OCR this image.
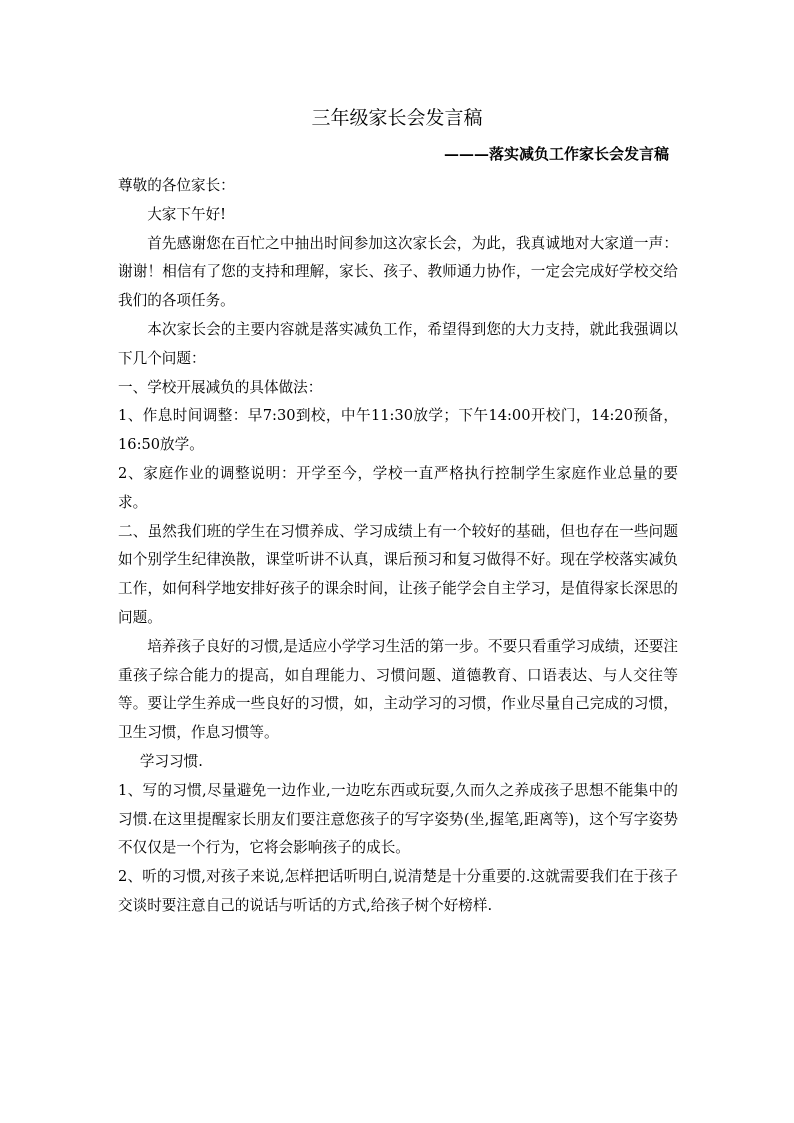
三年级家长会发言稿
———落实减负工作家长会发言稿

尊敬的各位家长：

大家下午好!

首先感谢您在百忙之中抽出时间参加这次家长会，为此，我真诚地对大家道一声：谢谢！相信有了您的支持和理解，家长、孩子、教师通力协作，一定会完成好学校交给我们的各项任务。

本次家长会的主要内容就是落实减负工作，希望得到您的大力支持，就此我强调以下几个问题：

一、学校开展减负的具体做法：

1、作息时间调整：早7:30到校，中午11:30放学；下午14:00开校门，14:20预备，16:50放学。

2、家庭作业的调整说明：开学至今，学校一直严格执行控制学生家庭作业总量的要求。

二、虽然我们班的学生在习惯养成、学习成绩上有一个较好的基础，但也存在一些问题 如个别学生纪律涣散，课堂听讲不认真，课后预习和复习做得不好。现在学校落实减负工作，如何科学地安排好孩子的课余时间，让孩子能学会自主学习，是值得家长深思的问题。

培养孩子良好的习惯,是适应小学学习生活的第一步。不要只看重学习成绩，还要注重孩子综合能力的提高，如自理能力、习惯问题、道德教育、口语表达、与人交往等等。要让学生养成一些良好的习惯，如，主动学习的习惯，作业尽量自己完成的习惯，卫生习惯，作息习惯等。

学习习惯.

1、写的习惯,尽量避免一边作业,一边吃东西或玩耍,久而久之养成孩子思想不能集中的习惯.在这里提醒家长朋友们要注意您孩子的写字姿势(坐,握笔,距离等)，这个写字姿势不仅仅是一个行为，它将会影响孩子的成长。

2、听的习惯,对孩子来说,怎样把话听明白,说清楚是十分重要的.这就需要我们在于孩子交谈时要注意自己的说话与听话的方式,给孩子树个好榜样.
